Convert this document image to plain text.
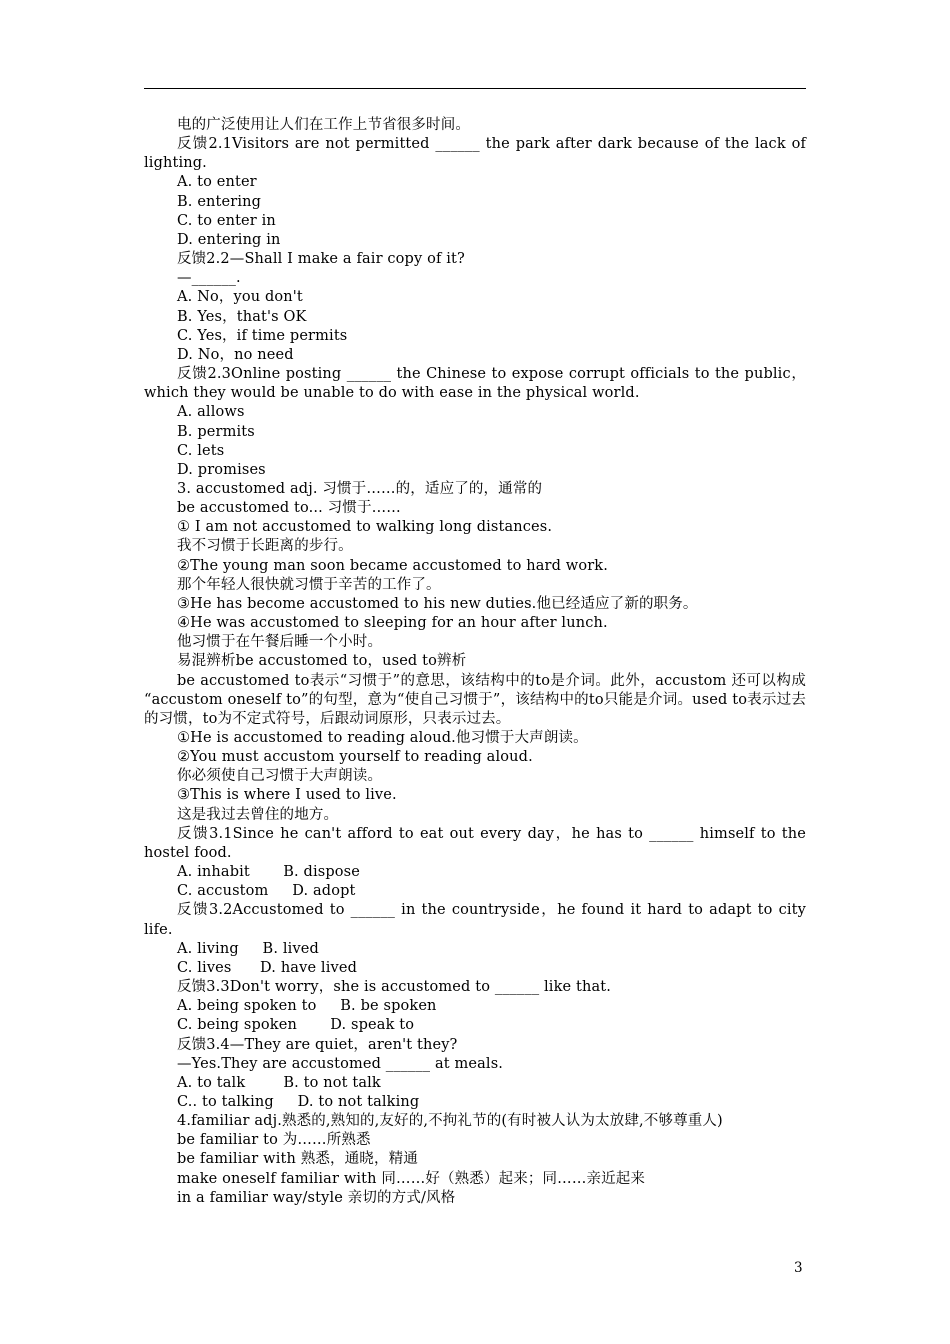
电的广泛使用让人们在工作上节省很多时间。

反馈2.1Visitors are not permitted ______ the park after dark because of the lack of lighting.

A. to enter

B. entering

C. to enter in

D. entering in

反馈2.2—Shall I make a fair copy of it?

—______.

A. No，you don't

B. Yes，that's OK

C. Yes，if time permits

D. No，no need

反馈2.3Online posting ______ the Chinese to expose corrupt officials to the public，which they would be unable to do with ease in the physical world.

A. allows

B. permits

C. lets

D. promises

3. accustomed adj. 习惯于……的，适应了的，通常的

be accustomed to... 习惯于……

① I am not accustomed to walking long distances.

我不习惯于长距离的步行。

②The young man soon became accustomed to hard work.

那个年轻人很快就习惯于辛苦的工作了。

③He has become accustomed to his new duties.他已经适应了新的职务。

④He was accustomed to sleeping for an hour after lunch.

他习惯于在午餐后睡一个小时。

易混辨析be accustomed to，used to辨析

be accustomed to表示“习惯于”的意思，该结构中的to是介词。此外，accustom 还可以构成 “accustom oneself to”的句型，意为“使自己习惯于”，该结构中的to只能是介词。used to表示过去的习惯，to为不定式符号，后跟动词原形，只表示过去。

①He is accustomed to reading aloud.他习惯于大声朗读。

②You must accustom yourself to reading aloud.

你必须使自己习惯于大声朗读。

③This is where I used to live.

这是我过去曾住的地方。

反馈3.1Since he can't afford to eat out every day，he has to ______ himself to the hostel food.

A. inhabit       B. dispose

C. accustom     D. adopt

反馈3.2Accustomed to ______ in the countryside，he found it hard to adapt to city life.

A. living     B. lived

C. lives      D. have lived

反馈3.3Don't worry，she is accustomed to ______ like that.

A. being spoken to     B. be spoken

C. being spoken       D. speak to

反馈3.4—They are quiet，aren't they?

—Yes.They are accustomed ______ at meals.

A. to talk        B. to not talk

C.. to talking     D. to not talking

4.familiar adj.熟悉的,熟知的,友好的,不拘礼节的(有时被人认为太放肆,不够尊重人)

be familiar to 为……所熟悉

be familiar with 熟悉，通晓，精通

make oneself familiar with 同……好（熟悉）起来；同……亲近起来

in a familiar way/style 亲切的方式/风格

3
